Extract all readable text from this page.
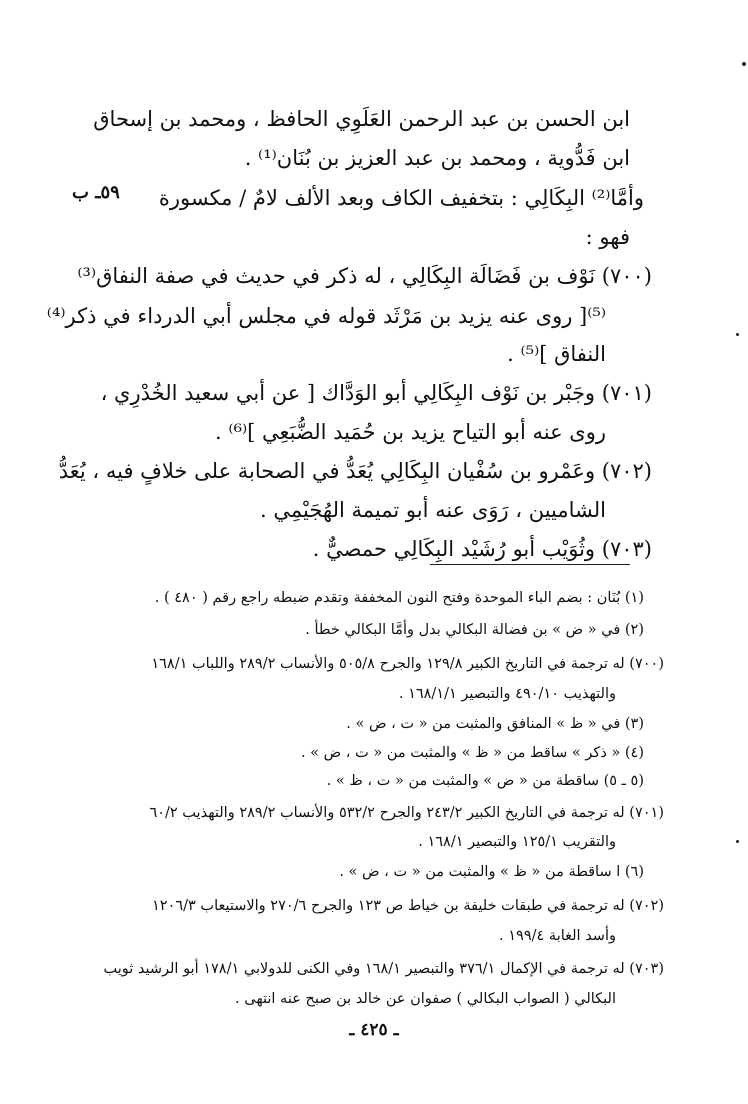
ابن الحسن بن عبد الرحمن العَلَوِي الحافظ ، ومحمد بن إسحاق
ابن فَدُّوية ، ومحمد بن عبد العزيز بن بُنَان⁽¹⁾ .
وأمَّا⁽²⁾ البِكَالِي : بتخفيف الكاف وبعد الألف لامٌ / مكسورة
٥٩ـ ب
فهو :
(٧٠٠) نَوْف بن فَضَالَة البِكَالِي ، له ذكر في حديث في صفة النفاق⁽³⁾
⁽⁵⁾[ روى عنه يزيد بن مَرْثَد قوله في مجلس أبي الدرداء في ذكر⁽⁴⁾
النفاق ]⁽⁵⁾ .
(٧٠١) وجَبْر بن نَوْف البِكَالِي أبو الوَدَّاك [ عن أبي سعيد الخُدْرِي ،
روى عنه أبو التياح يزيد بن حُمَيد الضُّبَعِي ]⁽⁶⁾ .
(٧٠٢) وعَمْرو بن سُفْيان البِكَالِي يُعَدُّ في الصحابة على خلافٍ فيه ، يُعَدُّ
الشاميين ، رَوَى عنه أبو تميمة الهُجَيْمِي .
(٧٠٣) وثُوَيْب أبو رُشَيْد البِكَالِي حمصيٌّ .
(١) بُنَان : بضم الباء الموحدة وفتح النون المخففة وتقدم ضبطه راجع رقم ( ٤٨٠ ) .
(٢) في « ض » بن فضالة البكالي بدل وأمَّا البكالي خطأ .
(٧٠٠) له ترجمة في التاريخ الكبير ١٢٩/٨ والجرح ٥٠٥/٨ والأنساب ٢٨٩/٢ واللباب ١٦٨/١
والتهذيب ٤٩٠/١٠ والتبصير ١٦٨/١/١ .
(٣) في « ظ » المنافق والمثبت من « ت ، ض » .
(٤) « ذكر » ساقط من « ظ » والمثبت من « ت ، ض » .
(٥ ـ ٥) ساقطة من « ض » والمثبت من « ت ، ظ » .
(٧٠١) له ترجمة في التاريخ الكبير ٢٤٣/٢ والجرح ٥٣٢/٢ والأنساب ٢٨٩/٢ والتهذيب ٦٠/٢
والتقريب ١٢٥/١ والتبصير ١٦٨/١ .
(٦) ا ساقطة من « ظ » والمثبت من « ت ، ض » .
(٧٠٢) له ترجمة في طبقات خليفة بن خياط ص ١٢٣ والجرح ٢٧٠/٦ والاستيعاب ١٢٠٦/٣
وأسد الغابة ١٩٩/٤ .
(٧٠٣) له ترجمة في الإكمال ٣٧٦/١ والتبصير ١٦٨/١ وفي الكنى للدولابي ١٧٨/١ أبو الرشيد ثويب
البكالي ( الصواب البكالي ) صفوان عن خالد بن صبح عنه انتهى .
ـ ٤٢٥ ـ
